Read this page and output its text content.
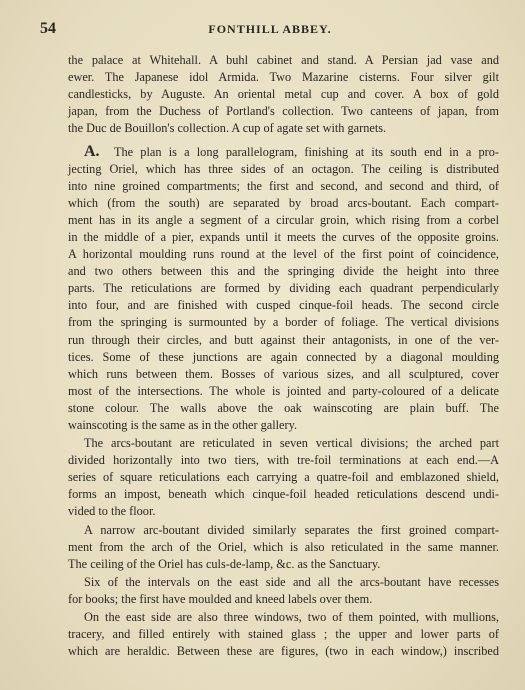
54	FONTHILL ABBEY.
the palace at Whitehall. A buhl cabinet and stand. A Persian jad vase and
ewer. The Japanese idol Armida. Two Mazarine cisterns. Four silver gilt
candlesticks, by Auguste. An oriental metal cup and cover. A box of gold
japan, from the Duchess of Portland's collection. Two canteens of japan, from
the Duc de Bouillon's collection. A cup of agate set with garnets.
A. The plan is a long parallelogram, finishing at its south end in a pro-
jecting Oriel, which has three sides of an octagon. The ceiling is distributed
into nine groined compartments; the first and second, and second and third, of
which (from the south) are separated by broad arcs-boutant. Each compart-
ment has in its angle a segment of a circular groin, which rising from a corbel
in the middle of a pier, expands until it meets the curves of the opposite groins.
A horizontal moulding runs round at the level of the first point of coincidence,
and two others between this and the springing divide the height into three
parts. The reticulations are formed by dividing each quadrant perpendicularly
into four, and are finished with cusped cinque-foil heads. The second circle
from the springing is surmounted by a border of foliage. The vertical divisions
run through their circles, and butt against their antagonists, in one of the ver-
tices. Some of these junctions are again connected by a diagonal moulding
which runs between them. Bosses of various sizes, and all sculptured, cover
most of the intersections. The whole is jointed and party-coloured of a delicate
stone colour. The walls above the oak wainscoting are plain buff. The
wainscoting is the same as in the other gallery.
The arcs-boutant are reticulated in seven vertical divisions; the arched part
divided horizontally into two tiers, with tre-foil terminations at each end.—A
series of square reticulations each carrying a quatre-foil and emblazoned shield,
forms an impost, beneath which cinque-foil headed reticulations descend undi-
vided to the floor.
A narrow arc-boutant divided similarly separates the first groined compart-
ment from the arch of the Oriel, which is also reticulated in the same manner.
The ceiling of the Oriel has culs-de-lamp, &c. as the Sanctuary.
Six of the intervals on the east side and all the arcs-boutant have recesses
for books; the first have moulded and kneed labels over them.
On the east side are also three windows, two of them pointed, with mullions,
tracery, and filled entirely with stained glass ; the upper and lower parts of
which are heraldic. Between these are figures, (two in each window,) inscribed
